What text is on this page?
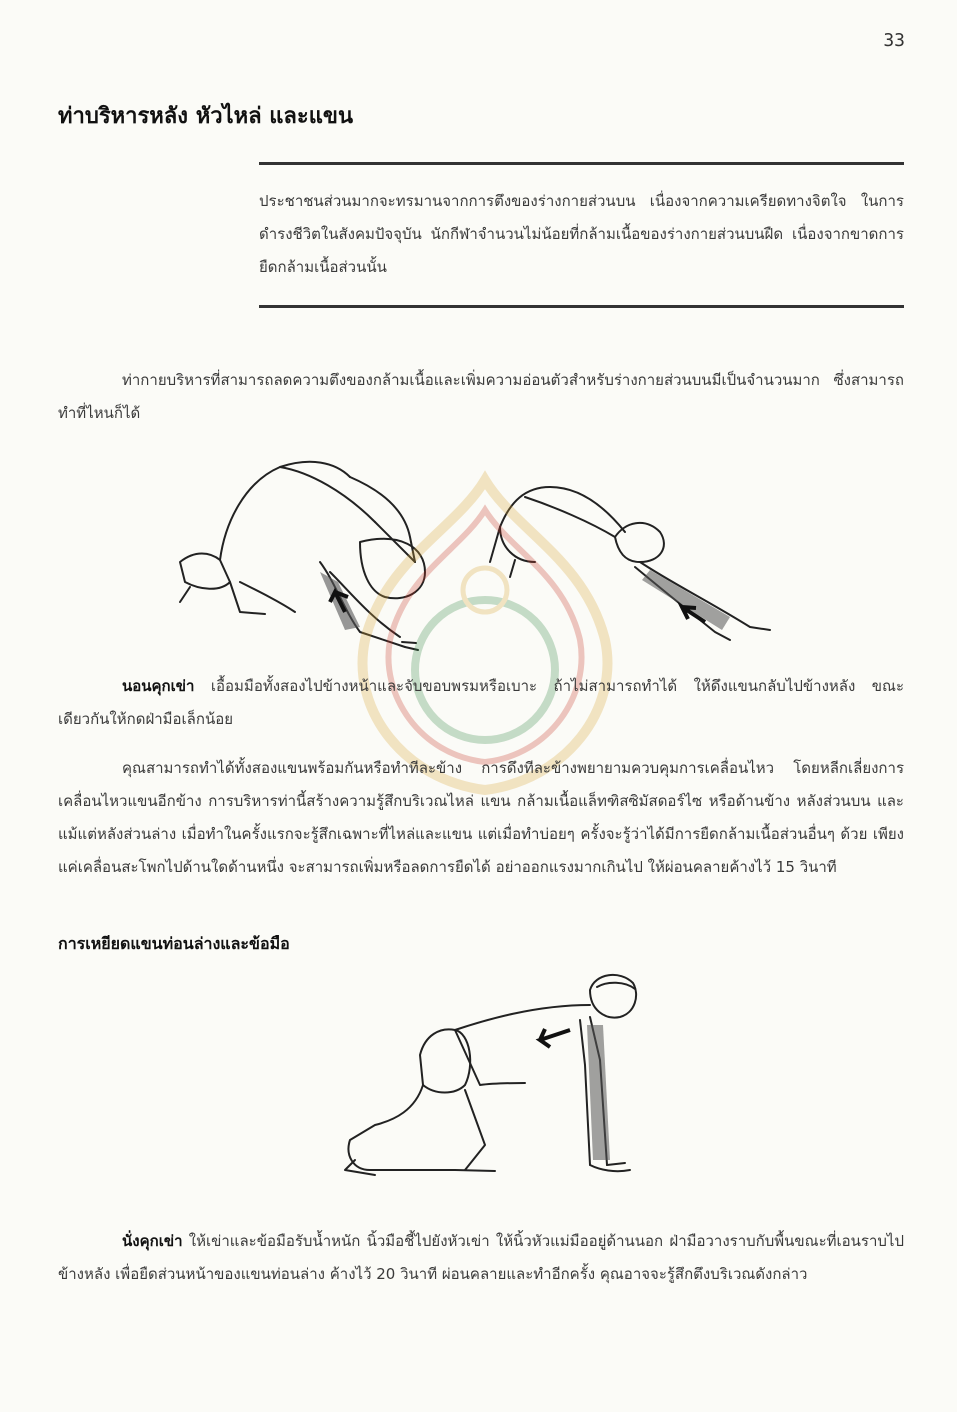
33
ท่าบริหารหลัง หัวไหล่ และแขน

ประชาชนส่วนมากจะทรมานจากการตึงของร่างกายส่วนบน เนื่องจากความเครียดทางจิตใจ ในการดำรงชีวิตในสังคมปัจจุบัน นักกีฬาจำนวนไม่น้อยที่กล้ามเนื้อของร่างกายส่วนบนฝืด เนื่องจากขาดการยืดกล้ามเนื้อส่วนนั้น

ท่ากายบริหารที่สามารถลดความตึงของกล้ามเนื้อและเพิ่มความอ่อนตัวสำหรับร่างกายส่วนบนมีเป็นจำนวนมาก ซึ่งสามารถทำที่ไหนก็ได้

นอนคุกเข่า เอื้อมมือทั้งสองไปข้างหน้าและจับขอบพรมหรือเบาะ ถ้าไม่สามารถทำได้ ให้ดึงแขนกลับไปข้างหลัง ขณะเดียวกันให้กดฝ่ามือเล็กน้อย

คุณสามารถทำได้ทั้งสองแขนพร้อมกันหรือทำทีละข้าง การดึงทีละข้างพยายามควบคุมการเคลื่อนไหว โดยหลีกเลี่ยงการเคลื่อนไหวแขนอีกข้าง การบริหารท่านี้สร้างความรู้สึกบริเวณไหล่ แขน กล้ามเนื้อแล็ทฑิสซิมัสดอร์ไซ หรือด้านข้าง หลังส่วนบน และแม้แต่หลังส่วนล่าง เมื่อทำในครั้งแรกจะรู้สึกเฉพาะที่ไหล่และแขน แต่เมื่อทำบ่อยๆ ครั้งจะรู้ว่าได้มีการยืดกล้ามเนื้อส่วนอื่นๆ ด้วย เพียงแค่เคลื่อนสะโพกไปด้านใดด้านหนึ่ง จะสามารถเพิ่มหรือลดการยืดได้ อย่าออกแรงมากเกินไป ให้ผ่อนคลายค้างไว้ 15 วินาที

การเหยียดแขนท่อนล่างและข้อมือ

นั่งคุกเข่า ให้เข่าและข้อมือรับน้ำหนัก นิ้วมือชี้ไปยังหัวเข่า ให้นิ้วหัวแม่มืออยู่ด้านนอก ฝ่ามือวางราบกับพื้นขณะที่เอนราบไปข้างหลัง เพื่อยืดส่วนหน้าของแขนท่อนล่าง ค้างไว้ 20 วินาที ผ่อนคลายและทำอีกครั้ง คุณอาจจะรู้สึกตึงบริเวณดังกล่าว
